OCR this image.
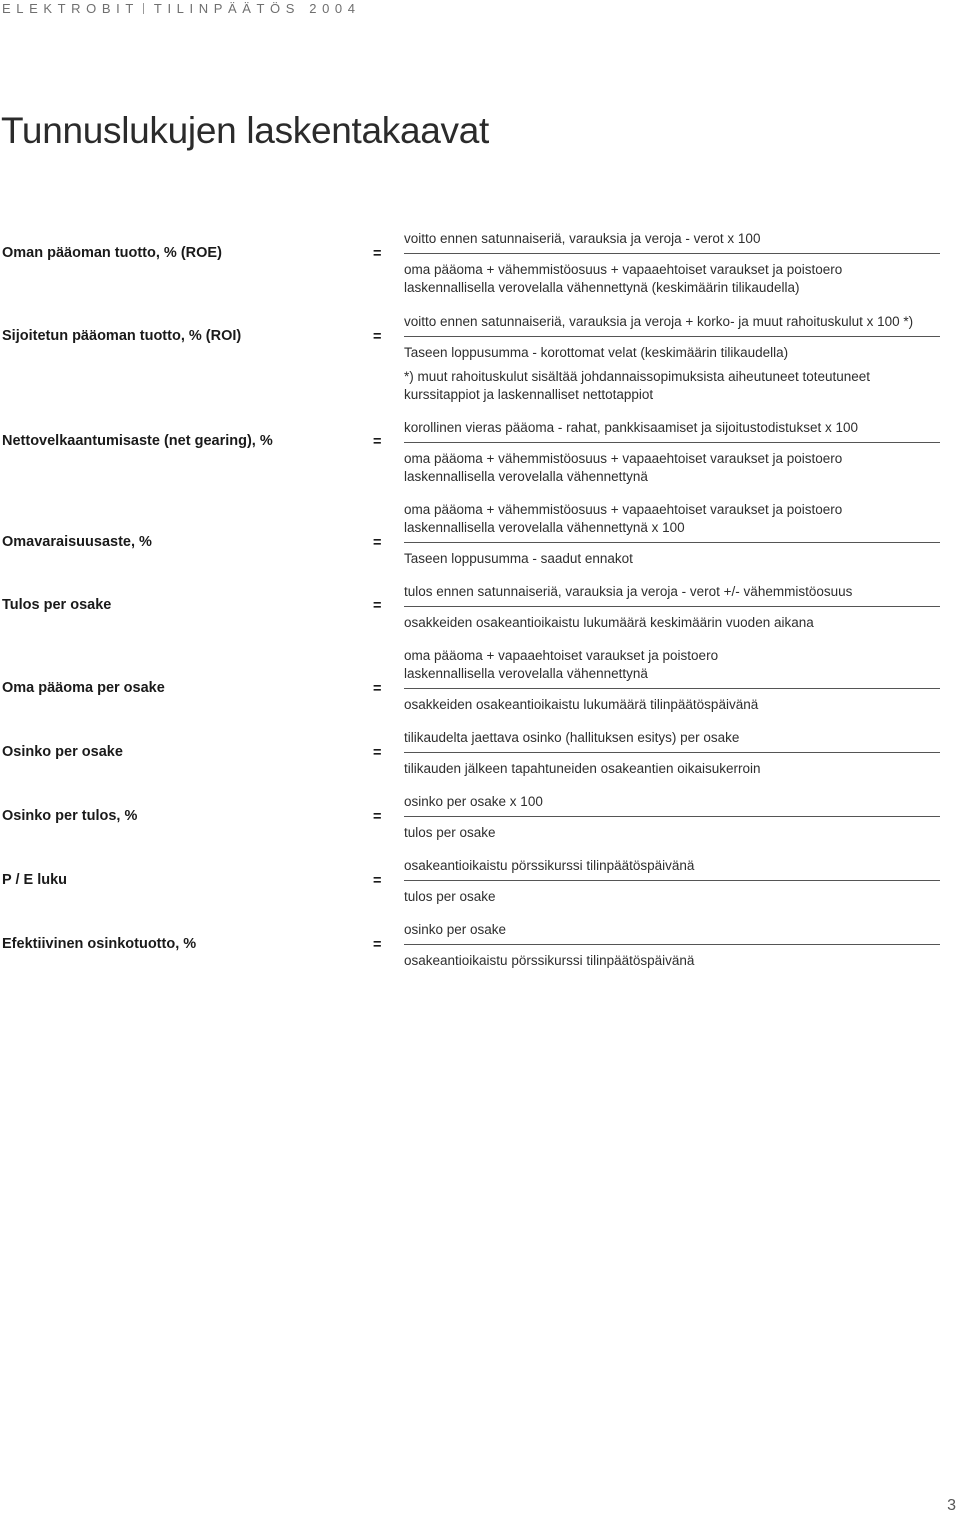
ELEKTROBIT TILINPÄÄTÖS 2004
Tunnuslukujen laskentakaavat
Oman pääoman tuotto, % (ROE)	=
voitto ennen satunnaiseriä, varauksia ja veroja - verot x 100
oma pääoma + vähemmistöosuus + vapaaehtoiset varaukset ja poistoero
laskennallisella verovelalla vähennettynä (keskimäärin tilikaudella)
Sijoitetun pääoman tuotto, % (ROI)	=
voitto ennen satunnaiseriä, varauksia ja veroja + korko- ja muut rahoituskulut x 100 *)
Taseen loppusumma - korottomat velat (keskimäärin tilikaudella)
*) muut rahoituskulut sisältää johdannaissopimuksista aiheutuneet toteutuneet
kurssitappiot ja laskennalliset nettotappiot
Nettovelkaantumisaste (net gearing), %	=
korollinen vieras pääoma - rahat, pankkisaamiset ja sijoitustodistukset x 100
oma pääoma + vähemmistöosuus + vapaaehtoiset varaukset ja poistoero
laskennallisella verovelalla vähennettynä
Omavaraisuusaste, %	=
oma pääoma + vähemmistöosuus + vapaaehtoiset varaukset ja poistoero
laskennallisella verovelalla vähennettynä x 100
Taseen loppusumma - saadut ennakot
Tulos per osake	=
tulos ennen satunnaiseriä, varauksia ja veroja - verot +/- vähemmistöosuus
osakkeiden osakeantioikaistu lukumäärä keskimäärin vuoden aikana
Oma pääoma per osake	=
oma pääoma + vapaaehtoiset varaukset ja poistoero
laskennallisella verovelalla vähennettynä
osakkeiden osakeantioikaistu lukumäärä tilinpäätöspäivänä
Osinko per osake	=
tilikaudelta jaettava osinko (hallituksen esitys) per osake
tilikauden jälkeen tapahtuneiden osakeantien oikaisukerroin
Osinko per tulos, %	=
osinko per osake x 100
tulos per osake
P / E luku	=
osakeantioikaistu pörssikurssi tilinpäätöspäivänä
tulos per osake
Efektiivinen osinkotuotto, %	=
osinko per osake
osakeantioikaistu pörssikurssi tilinpäätöspäivänä
3
